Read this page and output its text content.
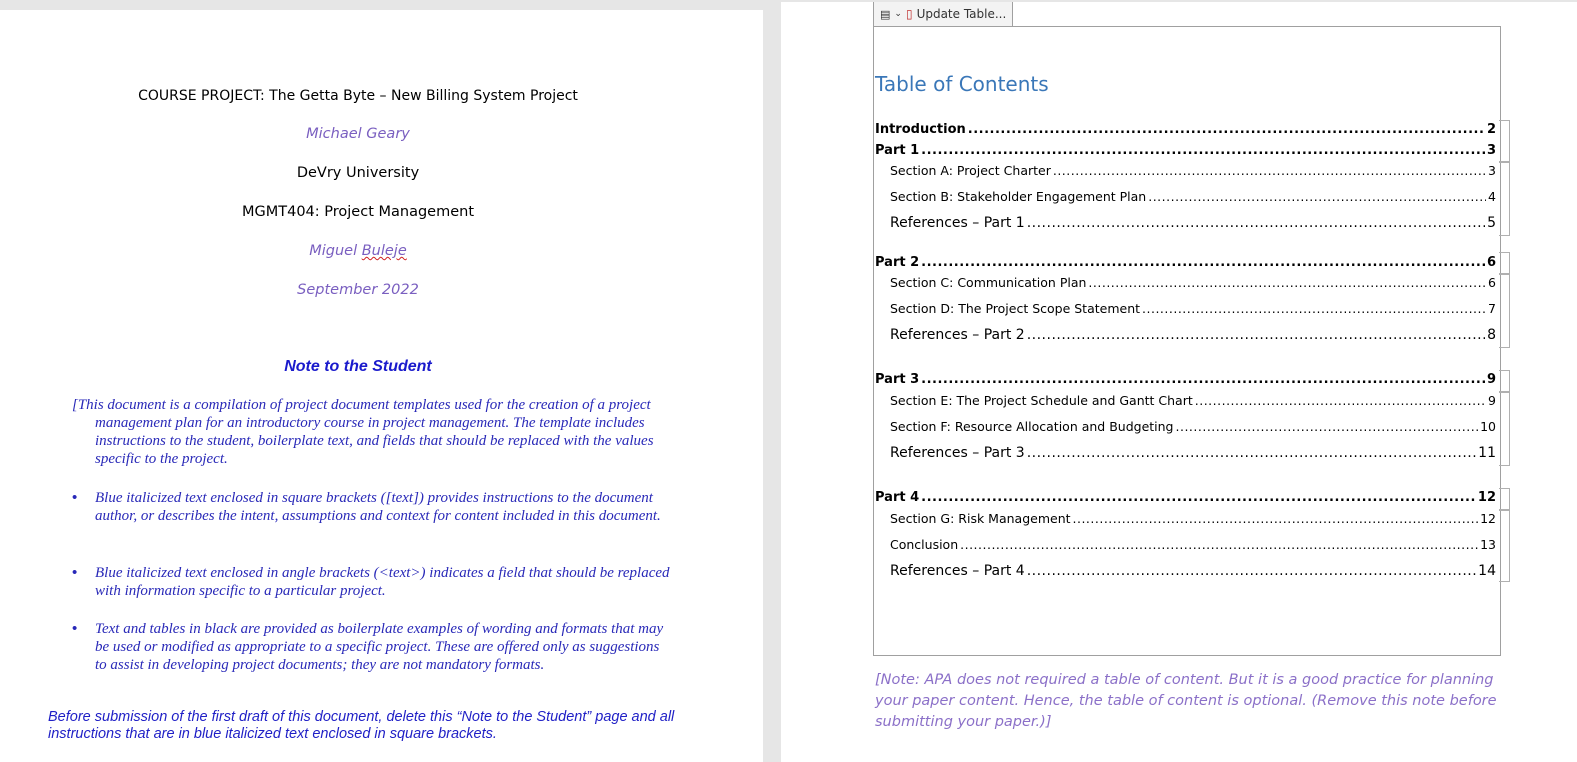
COURSE PROJECT: The Getta Byte – New Billing System Project
Michael Geary
DeVry University
MGMT404: Project Management
Miguel Buleje
September 2022
Note to the Student
[This document is a compilation of project document templates used for the creation of a project management plan for an introductory course in project management. The template includes instructions to the student, boilerplate text, and fields that should be replaced with the values specific to the project.
• Blue italicized text enclosed in square brackets ([text]) provides instructions to the document author, or describes the intent, assumptions and context for content included in this document.
• Blue italicized text enclosed in angle brackets (<text>) indicates a field that should be replaced with information specific to a particular project.
• Text and tables in black are provided as boilerplate examples of wording and formats that may be used or modified as appropriate to a specific project. These are offered only as suggestions to assist in developing project documents; they are not mandatory formats.
Before submission of the first draft of this document, delete this “Note to the Student” page and all instructions that are in blue italicized text enclosed in square brackets.
▤ ⌄ ▯ Update Table...
Table of Contents
Introduction .....	2
Part 1 .....	3
Section A: Project Charter .....	3
Section B: Stakeholder Engagement Plan .....	4
References – Part 1 .....	5
Part 2 .....	6
Section C: Communication Plan .....	6
Section D: The Project Scope Statement .....	7
References – Part 2 .....	8
Part 3 .....	9
Section E: The Project Schedule and Gantt Chart .....	9
Section F: Resource Allocation and Budgeting .....	10
References – Part 3 .....	11
Part 4 .....	12
Section G: Risk Management .....	12
Conclusion .....	13
References – Part 4 .....	14
[Note: APA does not required a table of content. But it is a good practice for planning your paper content. Hence, the table of content is optional. (Remove this note before submitting your paper.)]
